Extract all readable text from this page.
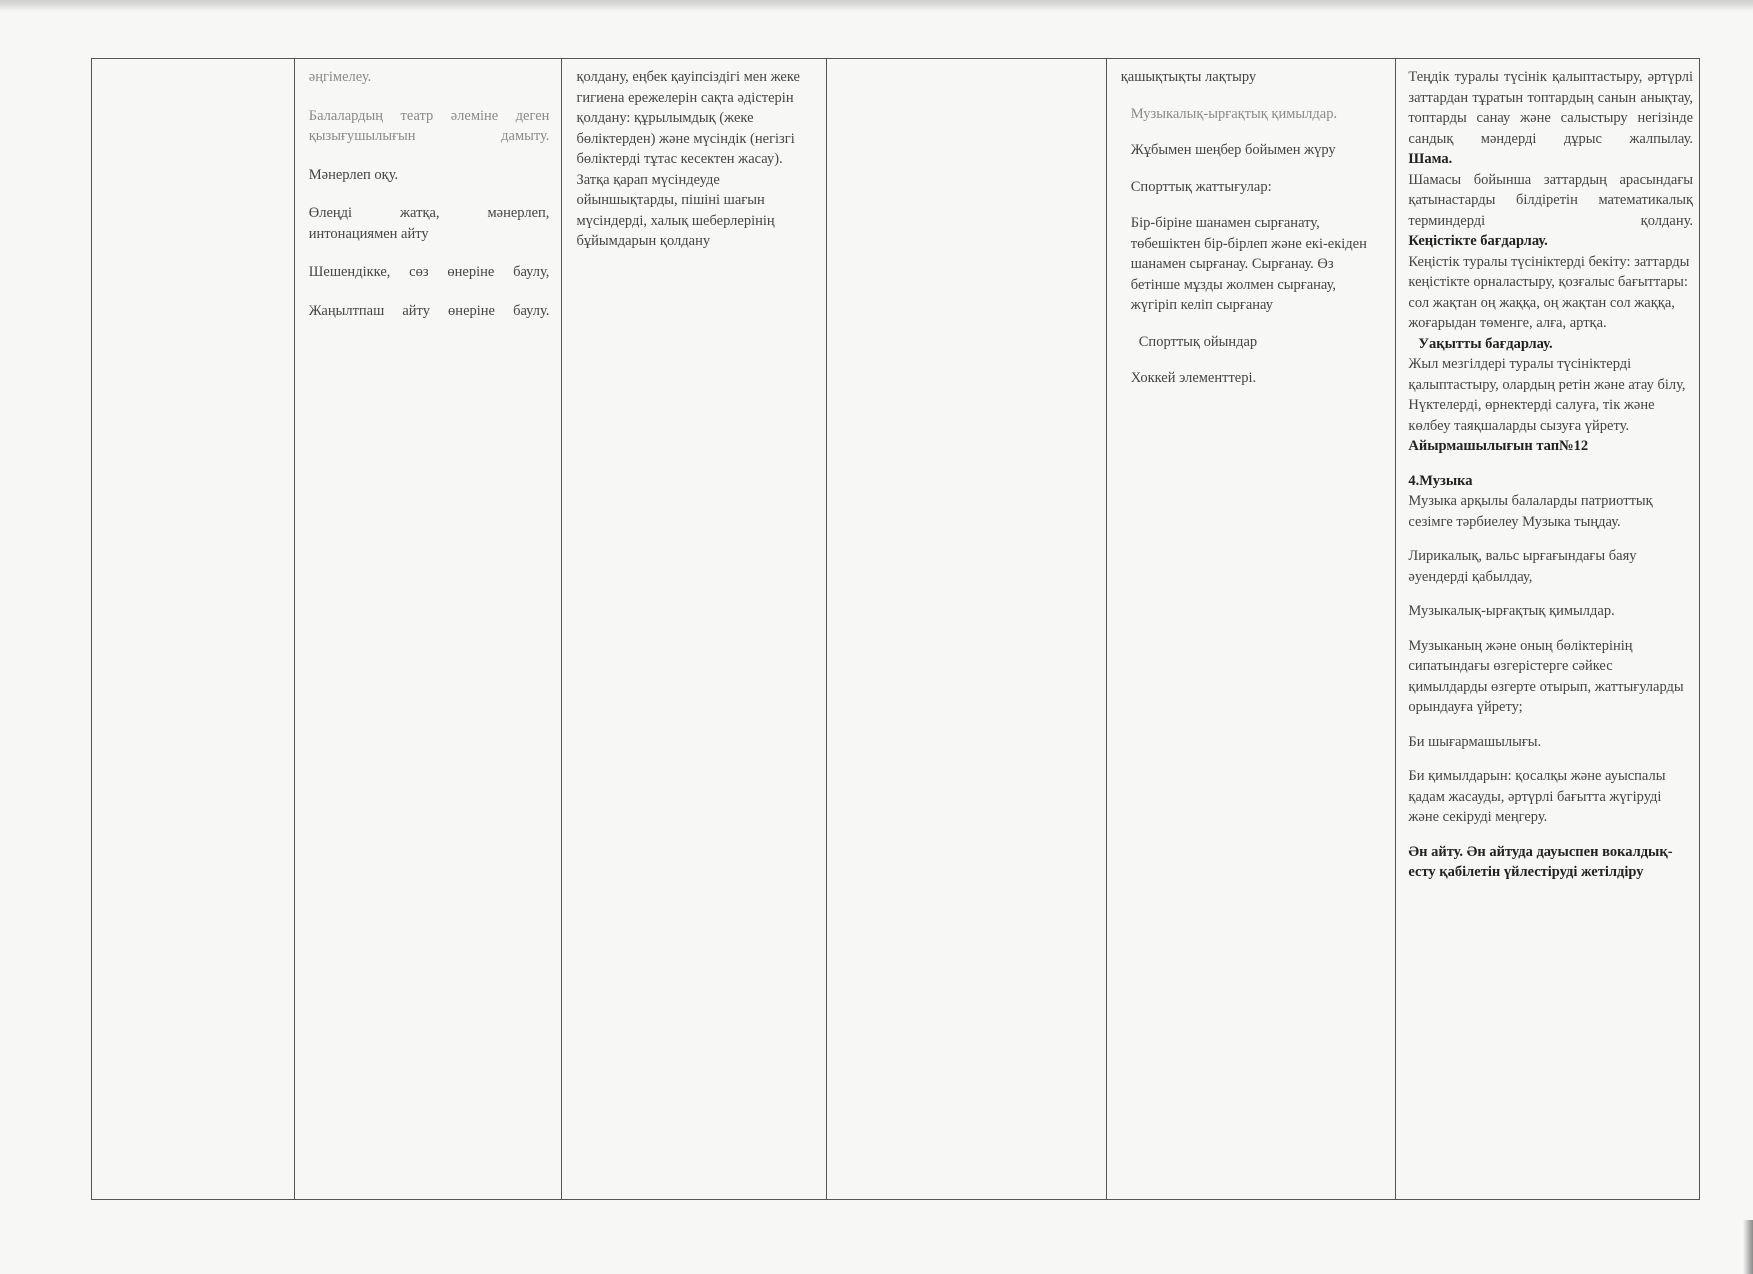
әңгімелеу.
Балалардың театр әлеміне деген қызығушылығын дамыту.
Мәнерлеп оқу.
Өлеңді жатқа, мәнерлеп, интонациямен айту
Шешендікке, сөз өнеріне баулу,
Жаңылтпаш айту өнеріне баулу.
қолдану, еңбек қауіпсіздігі мен жеке гигиена ережелерін сақта әдістерін қолдану: құрылымдық (жеке бөліктерден) және мүсіндік (негізгі бөліктерді тұтас кесектен жасау). Затқа қарап мүсіндеуде ойыншықтарды, пішіні шағын мүсіндерді, халық шеберлерінің бұйымдарын қолдану
қашықтықты лақтыру
Музыкалық-ырғақтық қимылдар.
Жұбымен шеңбер бойымен жүру
Спорттық жаттығулар:
Бір-біріне шанамен сырғанату, төбешіктен бір-бірлеп және екі-екіден шанамен сырғанау. Сырғанау. Өз бетінше мұзды жолмен сырғанау, жүгіріп келіп сырғанау
Спорттық ойындар
Хоккей элементтері.
Теңдік туралы түсінік қалыптастыру, әртүрлі заттардан тұратын топтардың санын анықтау, топтарды санау және салыстыру негізінде сандық мәндерді дұрыс жалпылау.
Шама.
Шамасы бойынша заттардың арасындағы қатынастарды білдіретін математикалық терминдерді қолдану.
Кеңістікте бағдарлау.
Кеңістік туралы түсініктерді бекіту: заттарды кеңістікте орналастыру, қозғалыс бағыттары: сол жақтан оң жаққа, оң жақтан сол жаққа, жоғарыдан төменге, алға, артқа.
Уақытты бағдарлау.
Жыл мезгілдері туралы түсініктерді қалыптастыру, олардың ретін және атау білу, Нүктелерді, өрнектерді салуға, тік және көлбеу таяқшаларды сызуға үйрету.
Айырмашылығын тап№12
4.Музыка
Музыка арқылы балаларды патриоттық сезімге тәрбиелеу Музыка тыңдау.
Лирикалық, вальс ырғағындағы баяу әуендерді қабылдау,
Музыкалық-ырғақтық қимылдар.
Музыканың және оның бөліктерінің сипатындағы өзгерістерге сәйкес қимылдарды өзгерте отырып, жаттығуларды орындауға үйрету;
Би шығармашылығы.
Би қимылдарын: қосалқы және ауыспалы қадам жасауды, әртүрлі бағытта жүгіруді және секіруді меңгеру.
Ән айту. Ән айтуда дауыспен вокалдық-есту қабілетін үйлестіруді жетілдіру
